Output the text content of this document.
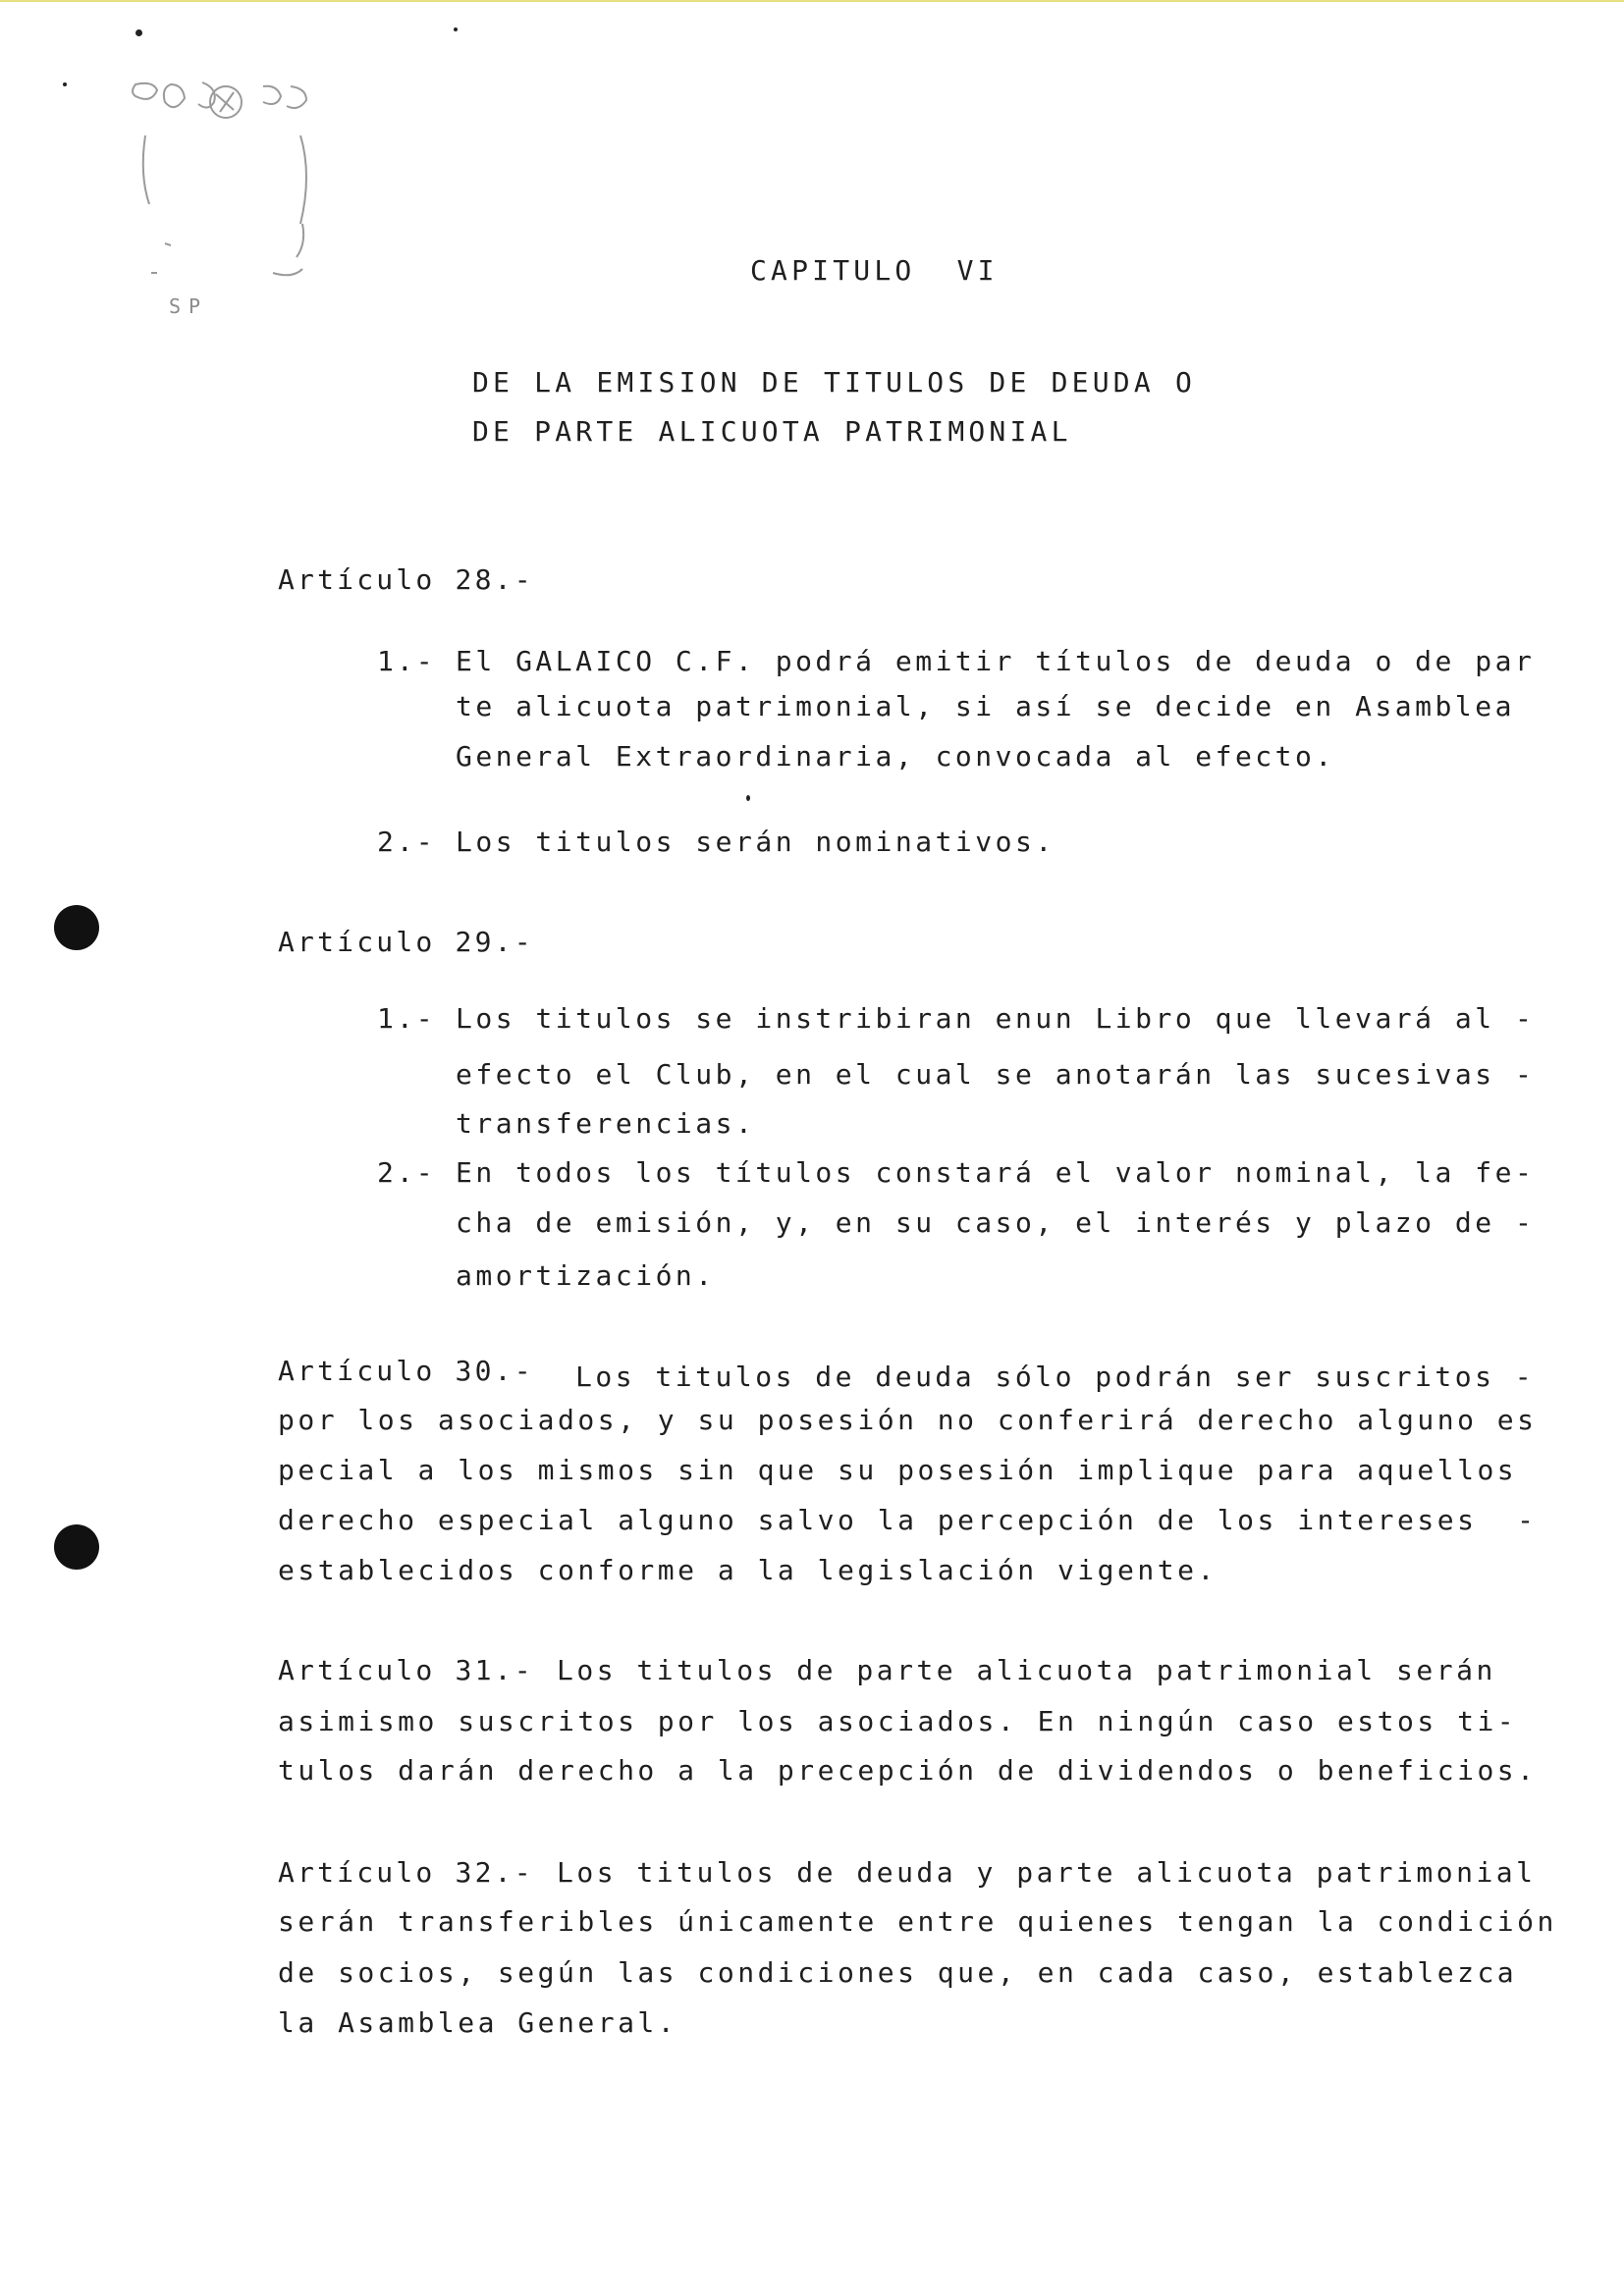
SP
CAPITULO  VI
DE LA EMISION DE TITULOS DE DEUDA O
DE PARTE ALICUOTA PATRIMONIAL
Artículo 28.-
1.- El GALAICO C.F. podrá emitir títulos de deuda o de par
te alicuota patrimonial, si así se decide en Asamblea
General Extraordinaria, convocada al efecto.
2.- Los titulos serán nominativos.
Artículo 29.-
1.- Los titulos se instribiran enun Libro que llevará al -
efecto el Club, en el cual se anotarán las sucesivas -
transferencias.
2.- En todos los títulos constará el valor nominal, la fe-
cha de emisión, y, en su caso, el interés y plazo de -
amortización.
Artículo 30.- Los titulos de deuda sólo podrán ser suscritos -
por los asociados, y su posesión no conferirá derecho alguno es
pecial a los mismos sin que su posesión implique para aquellos
derecho especial alguno salvo la percepción de los intereses  -
establecidos conforme a la legislación vigente.
Artículo 31.- Los titulos de parte alicuota patrimonial serán
asimismo suscritos por los asociados. En ningún caso estos ti-
tulos darán derecho a la precepción de dividendos o beneficios.
Artículo 32.- Los titulos de deuda y parte alicuota patrimonial
serán transferibles únicamente entre quienes tengan la condición
de socios, según las condiciones que, en cada caso, establezca
la Asamblea General.
